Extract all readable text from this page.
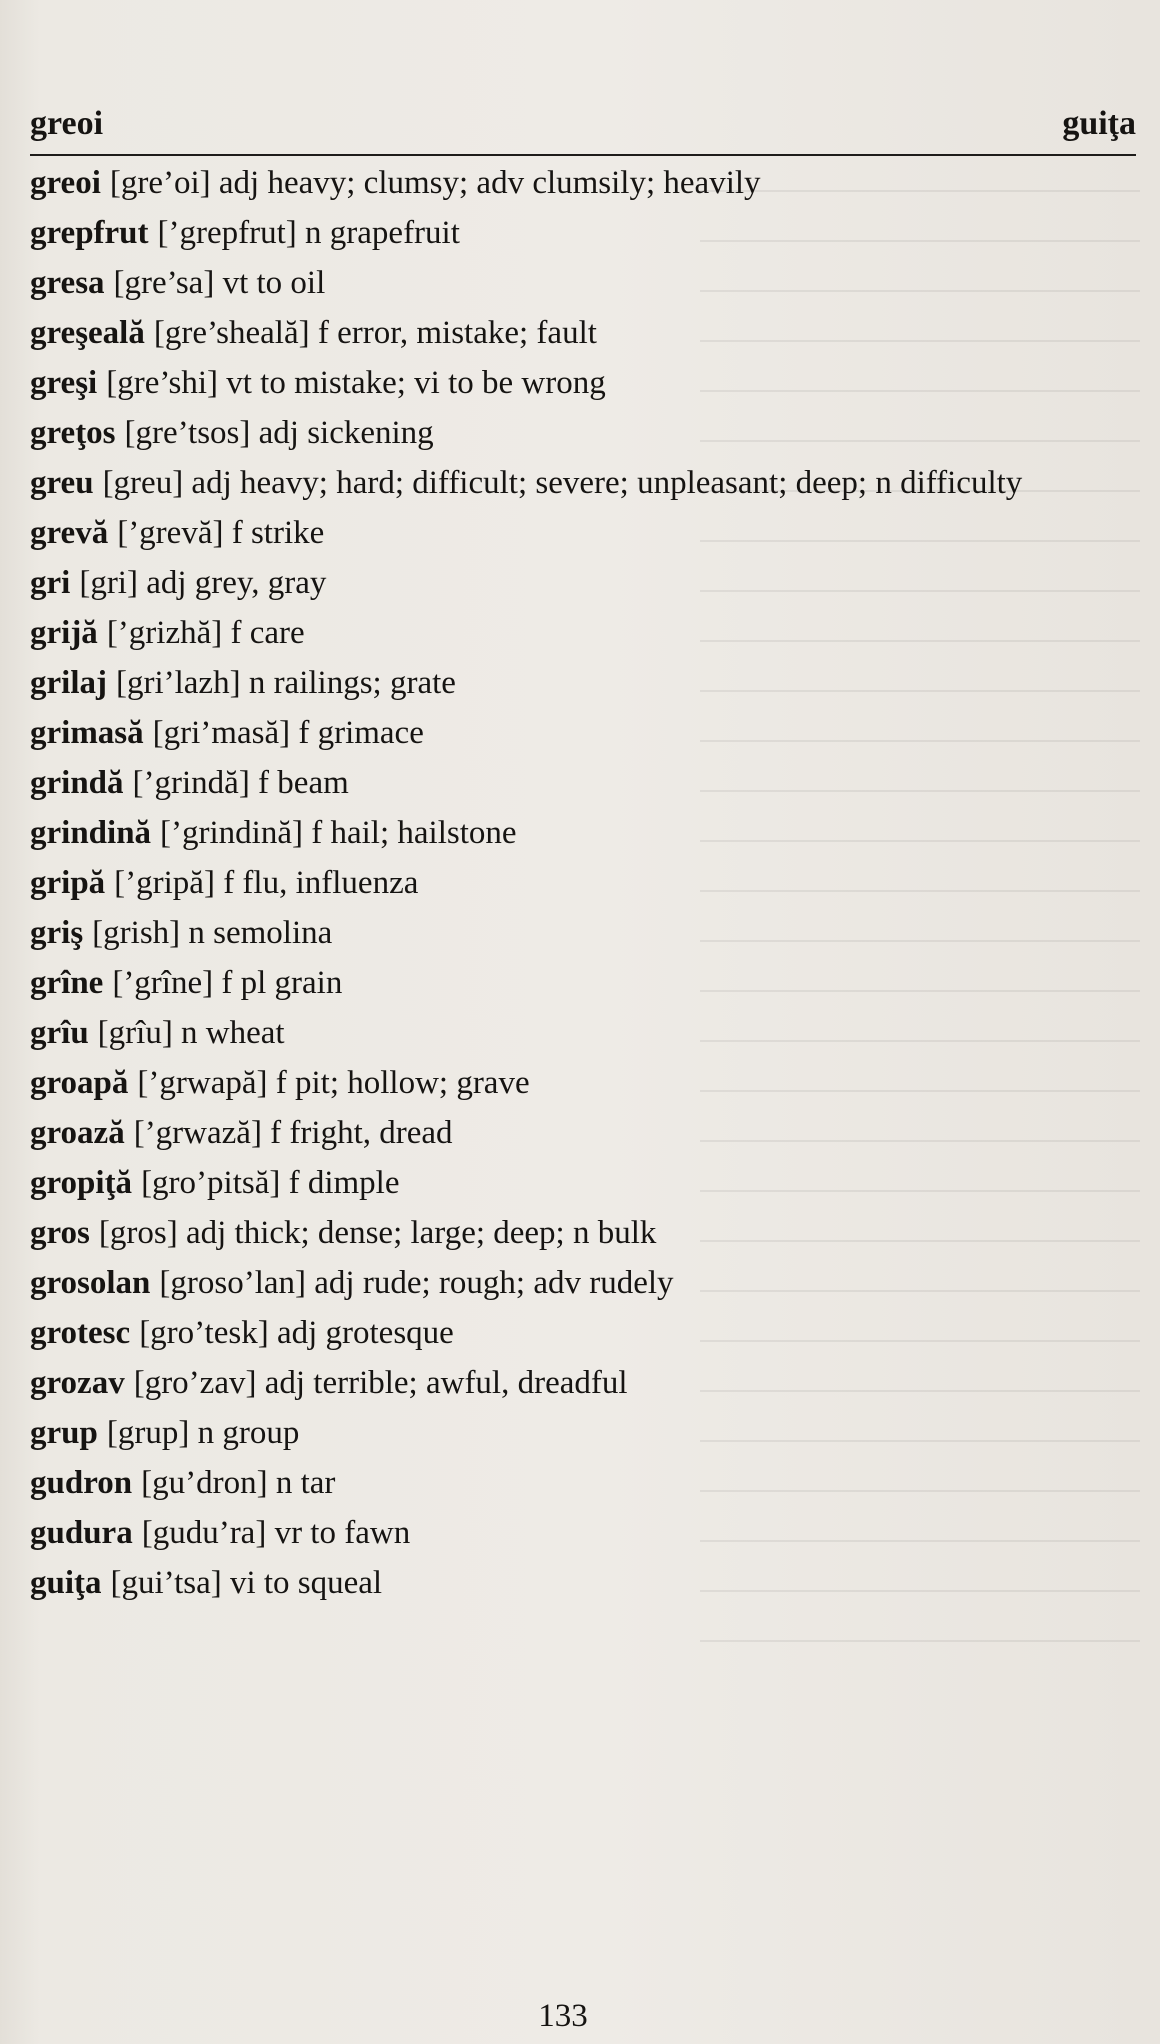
greoi	guiţa
greoi [gre’oi] adj heavy; clumsy; adv clumsily; heavily
grepfrut [’grepfrut] n grapefruit
gresa [gre’sa] vt to oil
greşeală [gre’sheală] f error, mistake; fault
greşi [gre’shi] vt to mistake; vi to be wrong
greţos [gre’tsos] adj sickening
greu [greu] adj heavy; hard; difficult; severe; unpleasant; deep; n difficulty
grevă [’grevă] f strike
gri [gri] adj grey, gray
grijă [’grizhă] f care
grilaj [gri’lazh] n railings; grate
grimasă [gri’masă] f grimace
grindă [’grindă] f beam
grindină [’grindină] f hail; hailstone
gripă [’gripă] f flu, influenza
griş [grish] n semolina
grîne [’grîne] f pl grain
grîu [grîu] n wheat
groapă [’grwapă] f pit; hollow; grave
groază [’grwază] f fright, dread
gropiţă [gro’pitsă] f dimple
gros [gros] adj thick; dense; large; deep; n bulk
grosolan [groso’lan] adj rude; rough; adv rudely
grotesc [gro’tesk] adj grotesque
grozav [gro’zav] adj terrible; awful, dreadful
grup [grup] n group
gudron [gu’dron] n tar
gudura [gudu’ra] vr to fawn
guiţa [gui’tsa] vi to squeal
133
